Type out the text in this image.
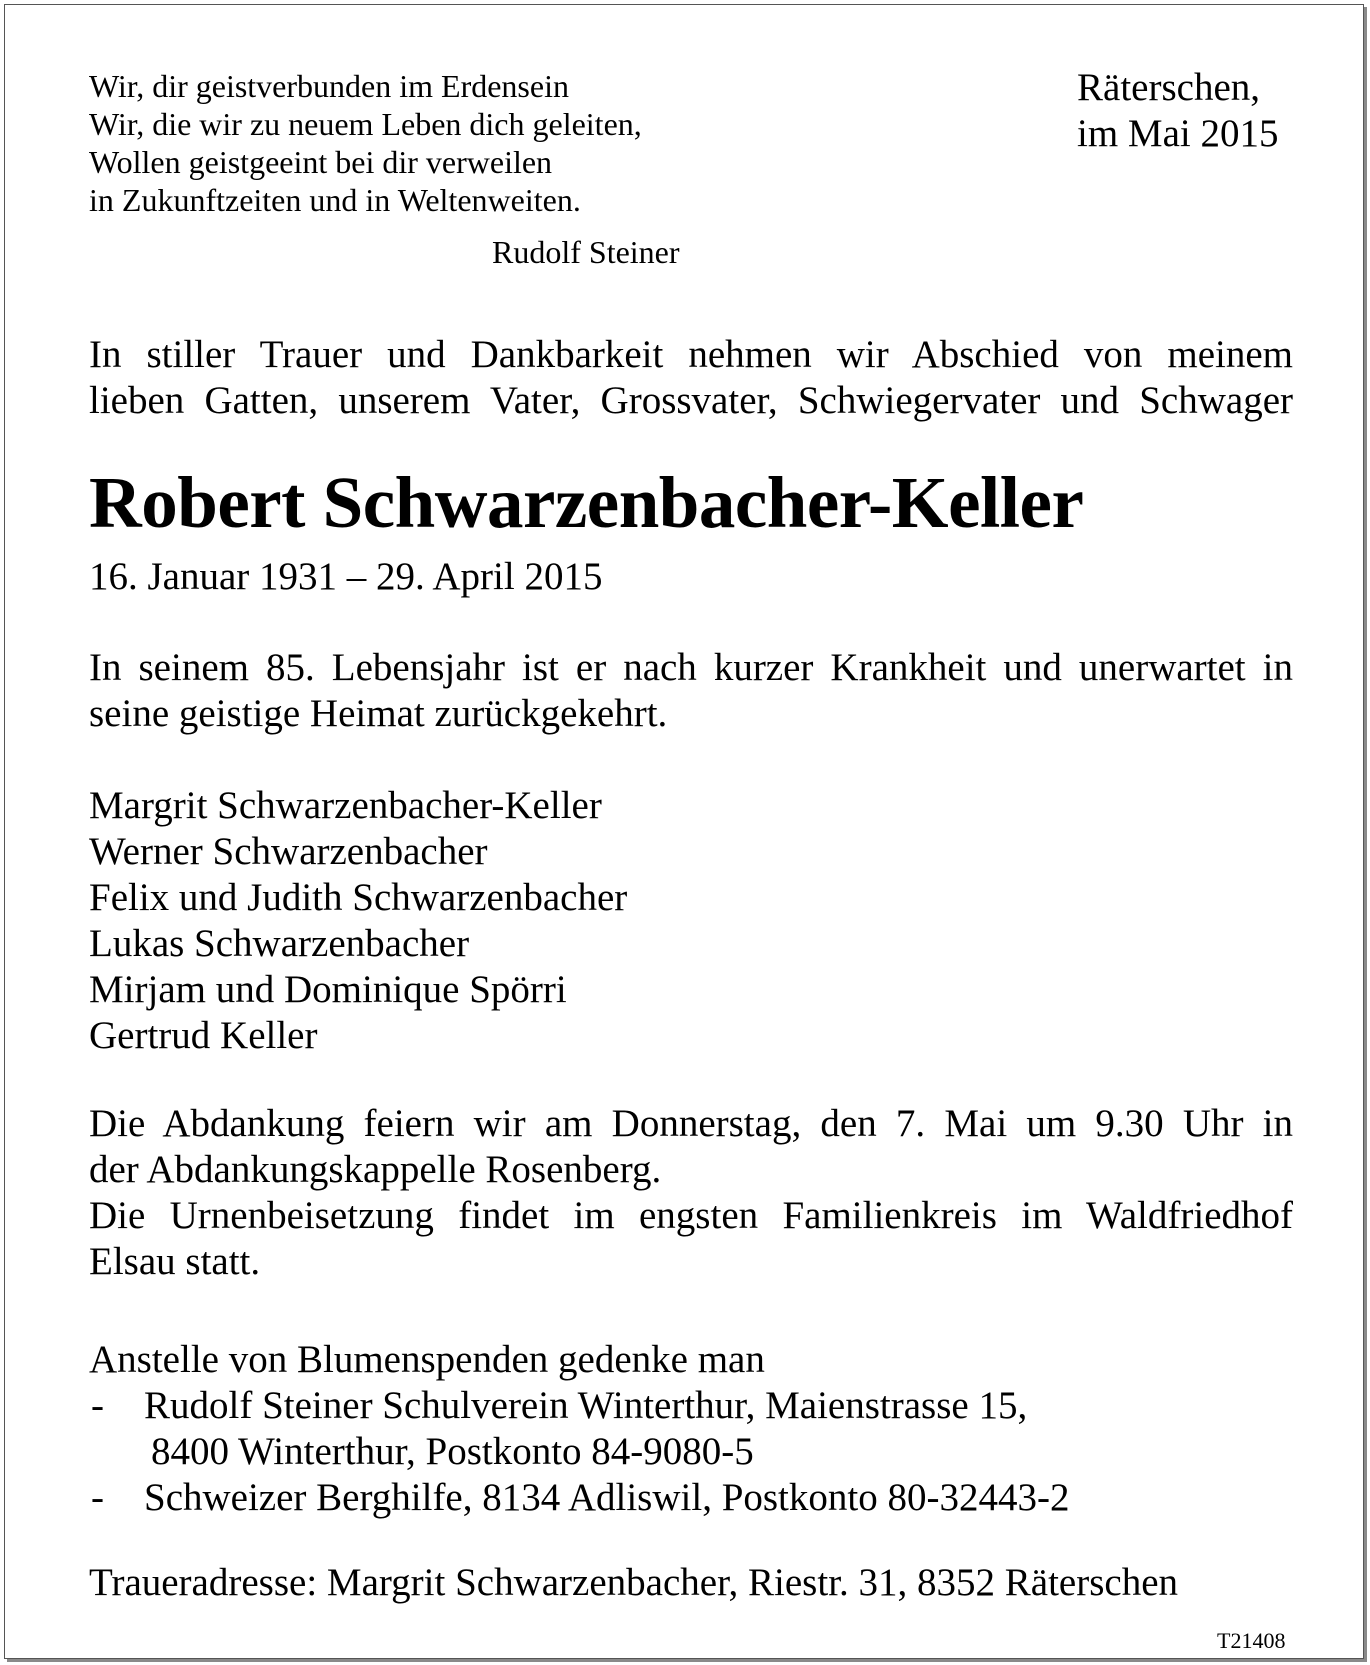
Wir, dir geistverbunden im Erdensein
Wir, die wir zu neuem Leben dich geleiten,
Wollen geistgeeint bei dir verweilen
in Zukunftzeiten und in Weltenweiten.
Rudolf Steiner
Räterschen,
im Mai 2015
In stiller Trauer und Dankbarkeit nehmen wir Abschied von meinem
lieben Gatten, unserem Vater, Grossvater, Schwiegervater und Schwager
Robert Schwarzenbacher-Keller
16. Januar 1931 – 29. April 2015
In seinem 85. Lebensjahr ist er nach kurzer Krankheit und unerwartet in
seine geistige Heimat zurückgekehrt.
Margrit Schwarzenbacher-Keller
Werner Schwarzenbacher
Felix und Judith Schwarzenbacher
Lukas Schwarzenbacher
Mirjam und Dominique Spörri
Gertrud Keller
Die Abdankung feiern wir am Donnerstag, den 7. Mai um 9.30 Uhr in
der Abdankungskappelle Rosenberg.
Die Urnenbeisetzung findet im engsten Familienkreis im Waldfriedhof
Elsau statt.
Anstelle von Blumenspenden gedenke man
- Rudolf Steiner Schulverein Winterthur, Maienstrasse 15,
8400 Winterthur, Postkonto 84-9080-5
- Schweizer Berghilfe, 8134 Adliswil, Postkonto 80-32443-2
Traueradresse: Margrit Schwarzenbacher, Riestr. 31, 8352 Räterschen
T21408
